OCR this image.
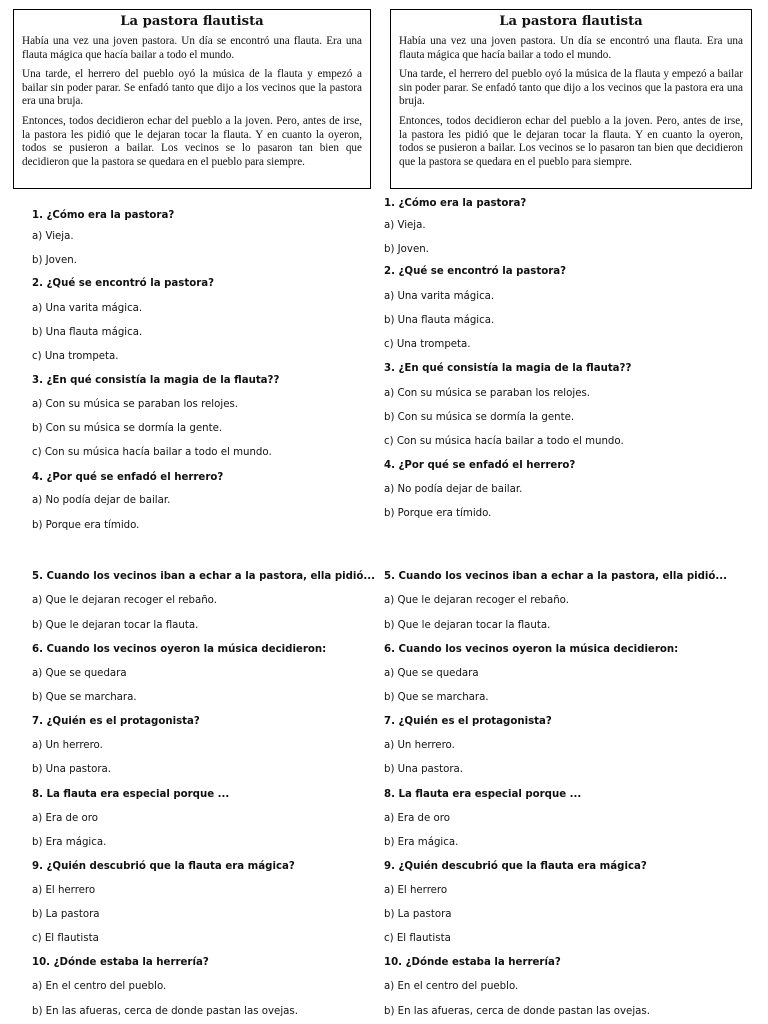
La pastora flautista

Había una vez una joven pastora. Un día se encontró una flauta. Era una flauta mágica que hacía bailar a todo el mundo.

Una tarde, el herrero del pueblo oyó la música de la flauta y empezó a bailar sin poder parar. Se enfadó tanto que dijo a los vecinos que la pastora era una bruja.

Entonces, todos decidieron echar del pueblo a la joven. Pero, antes de irse, la pastora les pidió que le dejaran tocar la flauta. Y en cuanto la oyeron, todos se pusieron a bailar. Los vecinos se lo pasaron tan bien que decidieron que la pastora se quedara en el pueblo para siempre.

La pastora flautista

Había una vez una joven pastora. Un día se encontró una flauta. Era una flauta mágica que hacía bailar a todo el mundo.

Una tarde, el herrero del pueblo oyó la música de la flauta y empezó a bailar sin poder parar. Se enfadó tanto que dijo a los vecinos que la pastora era una bruja.

Entonces, todos decidieron echar del pueblo a la joven. Pero, antes de irse, la pastora les pidió que le dejaran tocar la flauta. Y en cuanto la oyeron, todos se pusieron a bailar. Los vecinos se lo pasaron tan bien que decidieron que la pastora se quedara en el pueblo para siempre.

1. ¿Cómo era la pastora?
a) Vieja.
b) Joven.
2. ¿Qué se encontró la pastora?
a) Una varita mágica.
b) Una flauta mágica.
c) Una trompeta.
3. ¿En qué consistía la magia de la flauta??
a) Con su música se paraban los relojes.
b) Con su música se dormía la gente.
c) Con su música hacía bailar a todo el mundo.
4. ¿Por qué se enfadó el herrero?
a) No podía dejar de bailar.
b) Porque era tímido.
5. Cuando los vecinos iban a echar a la pastora, ella pidió...
a) Que le dejaran recoger el rebaño.
b) Que le dejaran tocar la flauta.
6. Cuando los vecinos oyeron la música decidieron:
a) Que se quedara
b) Que se marchara.
7. ¿Quién es el protagonista?
a) Un herrero.
b) Una pastora.
8. La flauta era especial porque ...
a) Era de oro
b) Era mágica.
9. ¿Quién descubrió que la flauta era mágica?
a) El herrero
b) La pastora
c) El flautista
10. ¿Dónde estaba la herrería?
a) En el centro del pueblo.
b) En las afueras, cerca de donde pastan las ovejas.
1. ¿Cómo era la pastora?
a) Vieja.
b) Joven.
2. ¿Qué se encontró la pastora?
a) Una varita mágica.
b) Una flauta mágica.
c) Una trompeta.
3. ¿En qué consistía la magia de la flauta??
a) Con su música se paraban los relojes.
b) Con su música se dormía la gente.
c) Con su música hacía bailar a todo el mundo.
4. ¿Por qué se enfadó el herrero?
a) No podía dejar de bailar.
b) Porque era tímido.
5. Cuando los vecinos iban a echar a la pastora, ella pidió...
a) Que le dejaran recoger el rebaño.
b) Que le dejaran tocar la flauta.
6. Cuando los vecinos oyeron la música decidieron:
a) Que se quedara
b) Que se marchara.
7. ¿Quién es el protagonista?
a) Un herrero.
b) Una pastora.
8. La flauta era especial porque ...
a) Era de oro
b) Era mágica.
9. ¿Quién descubrió que la flauta era mágica?
a) El herrero
b) La pastora
c) El flautista
10. ¿Dónde estaba la herrería?
a) En el centro del pueblo.
b) En las afueras, cerca de donde pastan las ovejas.
